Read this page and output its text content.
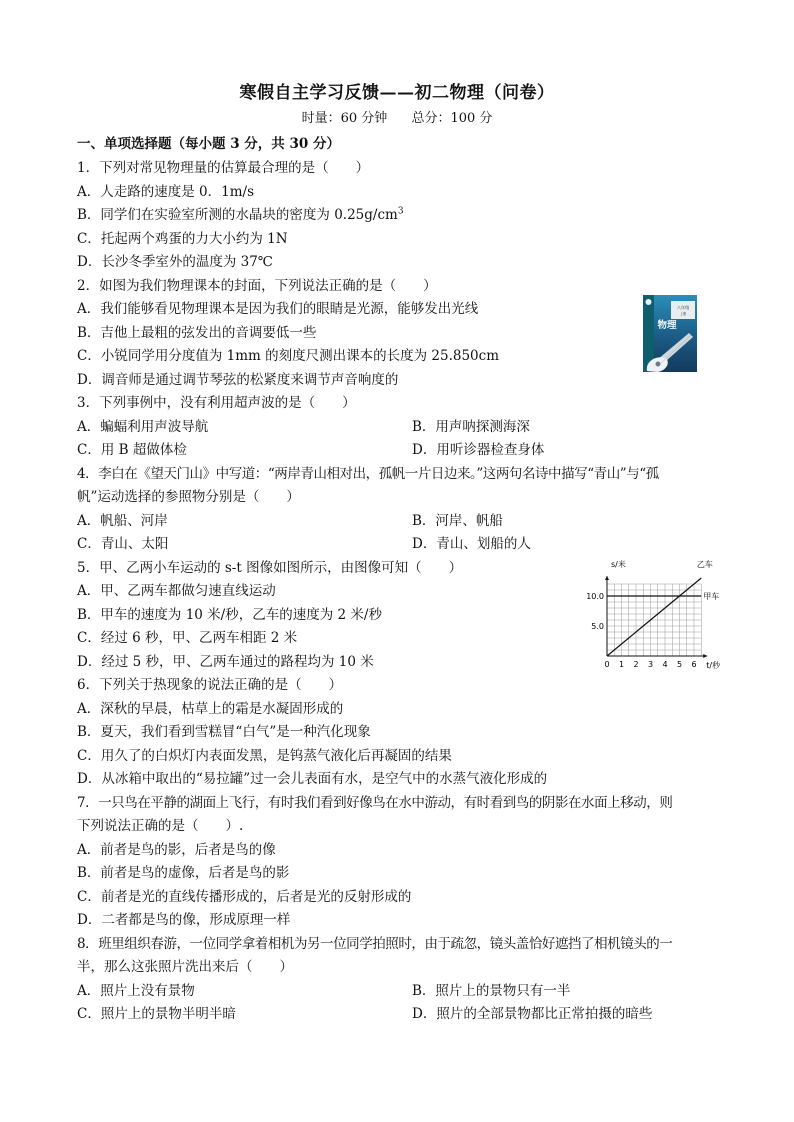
寒假自主学习反馈——初二物理（问卷）
时量：60 分钟 总分：100 分
一、单项选择题（每小题 3 分，共 30 分）
1．下列对常见物理量的估算最合理的是（　　）
A．人走路的速度是 0．1m/s
B．同学们在实验室所测的水晶块的密度为 $0.25g/cm^3$
C．托起两个鸡蛋的力大小约为 1N
D．长沙冬季室外的温度为 37℃
2．如图为我们物理课本的封面，下列说法正确的是（　　）
A．我们能够看见物理课本是因为我们的眼睛是光源，能够发出光线
B．吉他上最粗的弦发出的音调要低一些
C．小锐同学用分度值为 1mm 的刻度尺测出课本的长度为 25.850cm
D．调音师是通过调节琴弦的松紧度来调节声音响度的
3．下列事例中，没有利用超声波的是（　　）
A．蝙蝠利用声波导航	B．用声呐探测海深
C．用 B 超做体检	D．用听诊器检查身体
4．李白在《望天门山》中写道：“两岸青山相对出，孤帆一片日边来。”这两句名诗中描写“青山”与“孤
帆”运动选择的参照物分别是（　　）
A．帆船、河岸	B．河岸、帆船
C．青山、太阳	D．青山、划船的人
5．甲、乙两小车运动的 s-t 图像如图所示，由图像可知（　　）
A．甲、乙两车都做匀速直线运动
B．甲车的速度为 10 米/秒，乙车的速度为 2 米/秒
C．经过 6 秒，甲、乙两车相距 2 米
D．经过 5 秒，甲、乙两车通过的路程均为 10 米
6．下列关于热现象的说法正确的是（　　）
A．深秋的早晨，枯草上的霜是水凝固形成的
B．夏天，我们看到雪糕冒“白气”是一种汽化现象
C．用久了的白炽灯内表面发黑，是钨蒸气液化后再凝固的结果
D．从冰箱中取出的“易拉罐”过一会儿表面有水，是空气中的水蒸气液化形成的
7．一只鸟在平静的湖面上飞行，有时我们看到好像鸟在水中游动，有时看到鸟的阴影在水面上移动，则
下列说法正确的是（　　）.
A．前者是鸟的影，后者是鸟的像
B．前者是鸟的虚像，后者是鸟的影
C．前者是光的直线传播形成的，后者是光的反射形成的
D．二者都是鸟的像，形成原理一样
8．班里组织春游，一位同学拿着相机为另一位同学拍照时，由于疏忽，镜头盖恰好遮挡了相机镜头的一
半，那么这张照片洗出来后（　　）
A．照片上没有景物	B．照片上的景物只有一半
C．照片上的景物半明半暗	D．照片的全部景物都比正常拍摄的暗些
八年级
上册
物理
0 1 2 3 4 5 6
5.0
10.0
s/米
t/秒
乙车
甲车
